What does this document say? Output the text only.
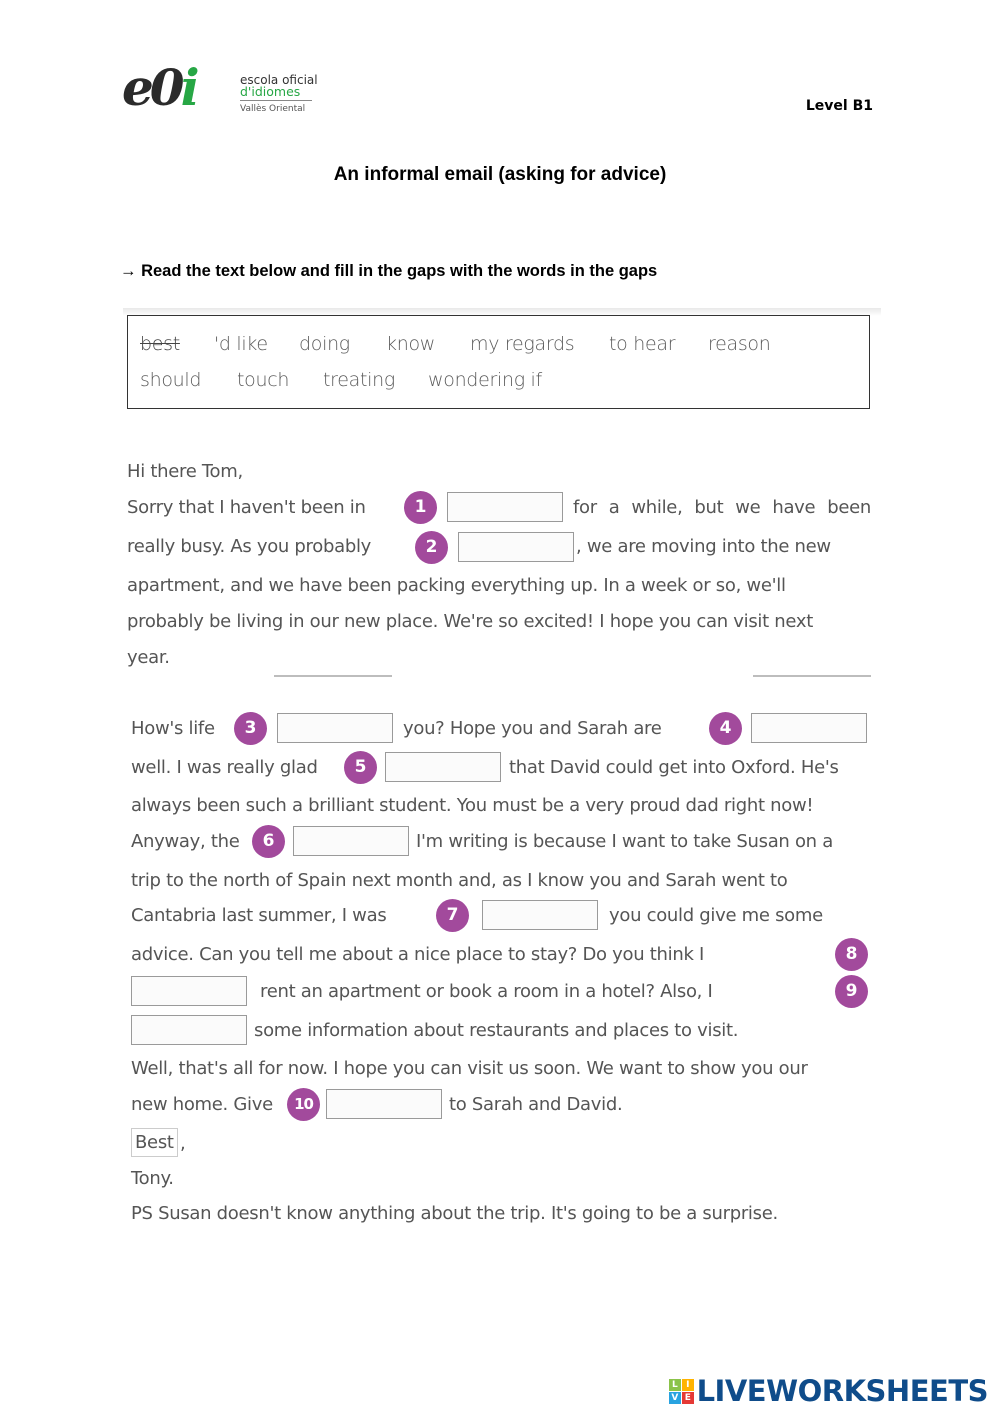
e0i	escola oficial
d'idiomes
Vallès Oriental	Level B1
An informal email (asking for advice)
→ Read the text below and fill in the gaps with the words in the gaps
best 'd like doing know my regards to hear reason
should touch treating wondering if
Hi there Tom,
Sorry that I haven't been in	1	for a while, but we have been
really busy. As you probably	2	, we are moving into the new
apartment, and we have been packing everything up. In a week or so, we'll
probably be living in our new place. We're so excited! I hope you can visit next
year.
How's life	3	you? Hope you and Sarah are	4
well. I was really glad	5	that David could get into Oxford. He's
always been such a brilliant student. You must be a very proud dad right now!
Anyway, the	6	I'm writing is because I want to take Susan on a
trip to the north of Spain next month and, as I know you and Sarah went to
Cantabria last summer, I was	7	you could give me some
advice. Can you tell me about a nice place to stay? Do you think I	8
rent an apartment or book a room in a hotel? Also, I	9
some information about restaurants and places to visit.
Well, that's all for now. I hope you can visit us soon. We want to show you our
new home. Give	10	to Sarah and David.
Best ,
Tony.
PS Susan doesn't know anything about the trip. It's going to be a surprise.
L I
V E LIVEWORKSHEETS
